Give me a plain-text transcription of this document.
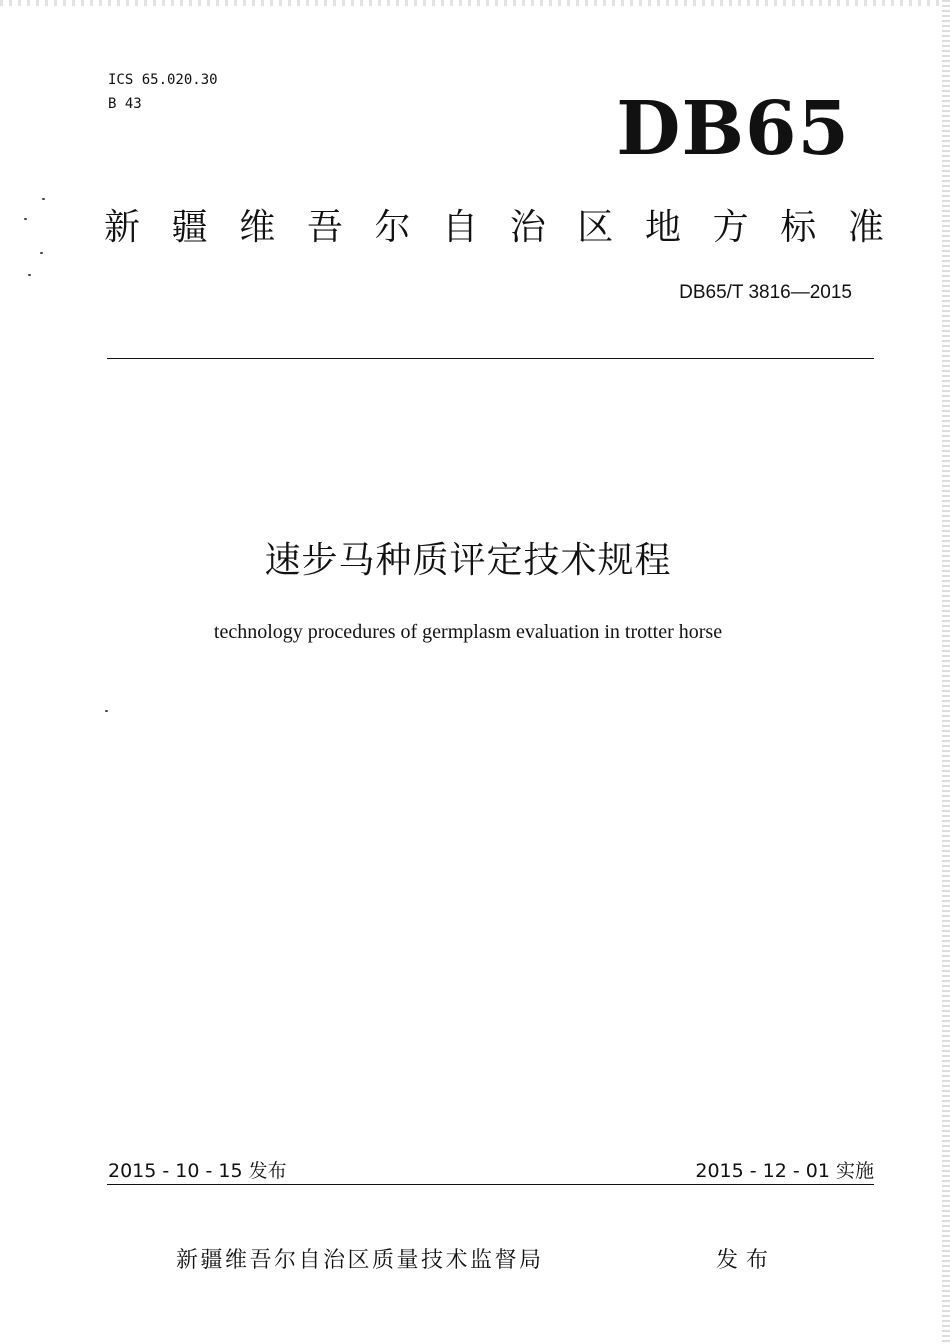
ICS 65.020.30
B 43	DB65
新 疆 维 吾 尔 自 治 区 地 方 标 准
DB65/T 3816—2015
速步马种质评定技术规程
technology procedures of germplasm evaluation in trotter horse
2015 - 10 - 15 发布	2015 - 12 - 01 实施
新疆维吾尔自治区质量技术监督局	发布
